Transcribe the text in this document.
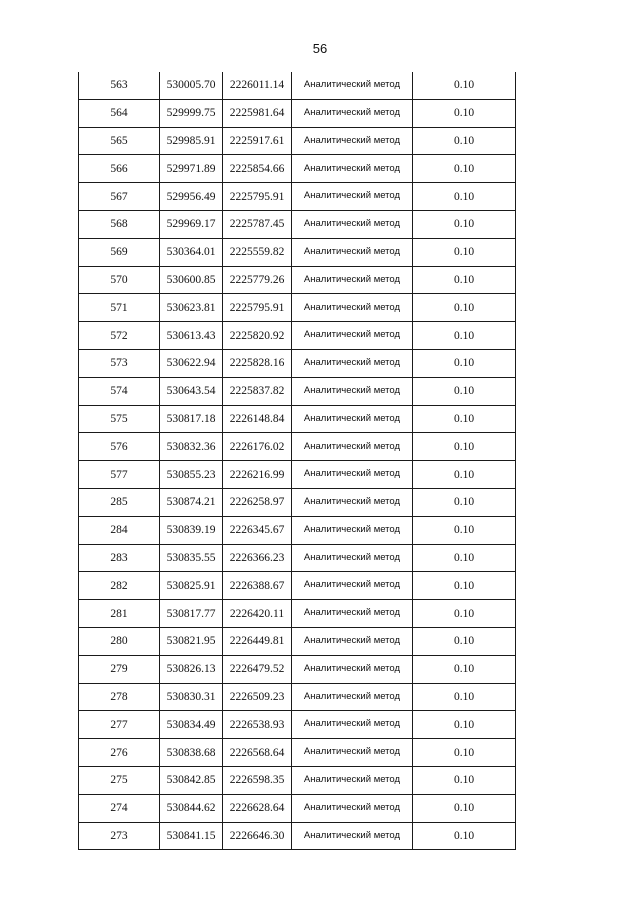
56
563	530005.70	2226011.14	Аналитический метод	0.10
564	529999.75	2225981.64	Аналитический метод	0.10
565	529985.91	2225917.61	Аналитический метод	0.10
566	529971.89	2225854.66	Аналитический метод	0.10
567	529956.49	2225795.91	Аналитический метод	0.10
568	529969.17	2225787.45	Аналитический метод	0.10
569	530364.01	2225559.82	Аналитический метод	0.10
570	530600.85	2225779.26	Аналитический метод	0.10
571	530623.81	2225795.91	Аналитический метод	0.10
572	530613.43	2225820.92	Аналитический метод	0.10
573	530622.94	2225828.16	Аналитический метод	0.10
574	530643.54	2225837.82	Аналитический метод	0.10
575	530817.18	2226148.84	Аналитический метод	0.10
576	530832.36	2226176.02	Аналитический метод	0.10
577	530855.23	2226216.99	Аналитический метод	0.10
285	530874.21	2226258.97	Аналитический метод	0.10
284	530839.19	2226345.67	Аналитический метод	0.10
283	530835.55	2226366.23	Аналитический метод	0.10
282	530825.91	2226388.67	Аналитический метод	0.10
281	530817.77	2226420.11	Аналитический метод	0.10
280	530821.95	2226449.81	Аналитический метод	0.10
279	530826.13	2226479.52	Аналитический метод	0.10
278	530830.31	2226509.23	Аналитический метод	0.10
277	530834.49	2226538.93	Аналитический метод	0.10
276	530838.68	2226568.64	Аналитический метод	0.10
275	530842.85	2226598.35	Аналитический метод	0.10
274	530844.62	2226628.64	Аналитический метод	0.10
273	530841.15	2226646.30	Аналитический метод	0.10
